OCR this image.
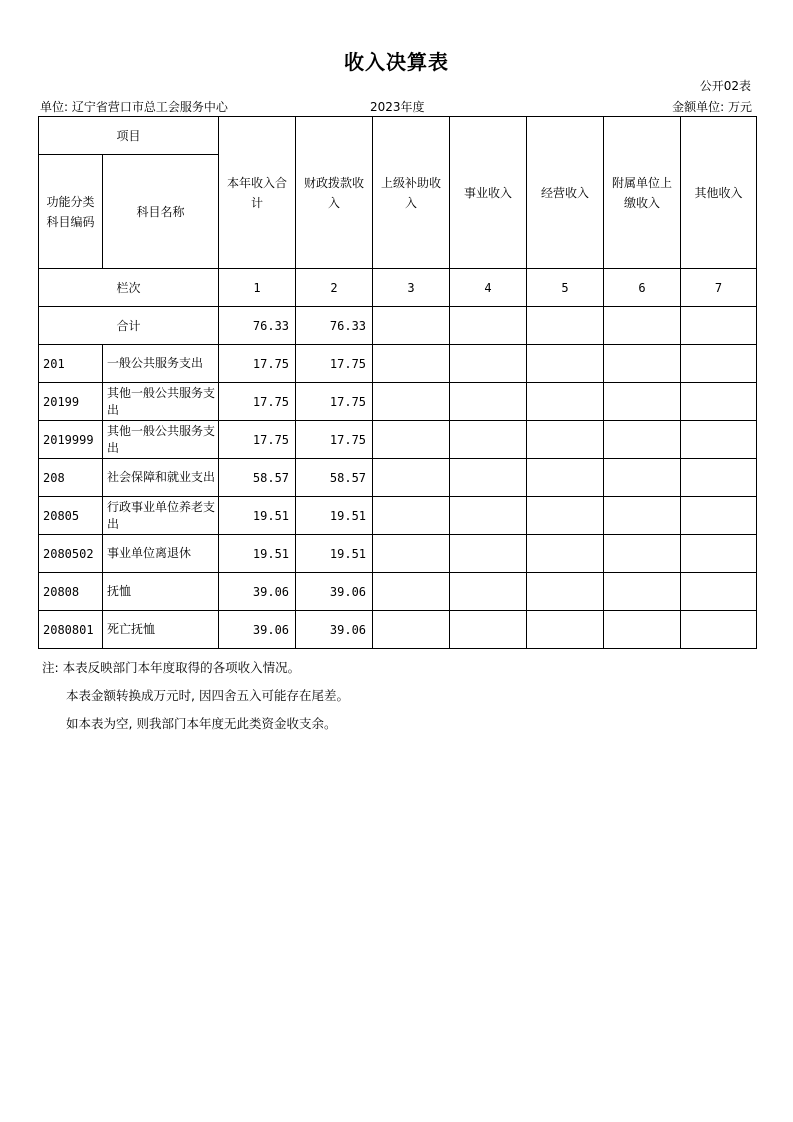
收入决算表
公开02表
单位: 辽宁省营口市总工会服务中心	2023年度	金额单位: 万元
项目		本年收入合计	财政拨款收入	上级补助收入	事业收入	经营收入	附属单位上缴收入	其他收入
功能分类科目编码	科目名称							
栏次		1	2	3	4	5	6	7
合计		76.33	76.33					
201	一般公共服务支出	17.75	17.75					
20199	其他一般公共服务支出	17.75	17.75					
2019999	其他一般公共服务支出	17.75	17.75					
208	社会保障和就业支出	58.57	58.57					
20805	行政事业单位养老支出	19.51	19.51					
2080502	事业单位离退休	19.51	19.51					
20808	抚恤	39.06	39.06					
2080801	死亡抚恤	39.06	39.06					
注: 本表反映部门本年度取得的各项收入情况。
本表金额转换成万元时, 因四舍五入可能存在尾差。
如本表为空, 则我部门本年度无此类资金收支余。
